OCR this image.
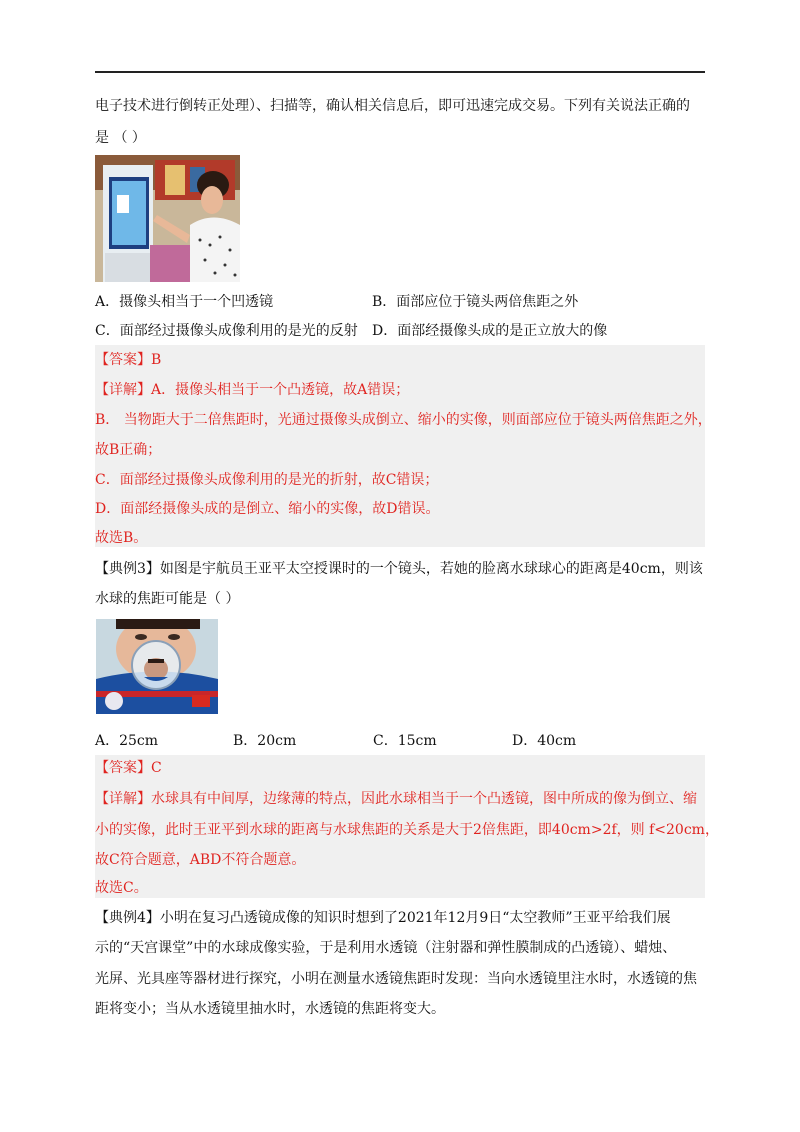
电子技术进行倒转正处理）、扫描等，确认相关信息后，即可迅速完成交易。下列有关说法正确的
是 （ ）
A．摄像头相当于一个凹透镜	B．面部应位于镜头两倍焦距之外
C．面部经过摄像头成像利用的是光的反射 D．面部经摄像头成的是正立放大的像
【答案】B
【详解】A．摄像头相当于一个凸透镜，故A错误；
B． 当物距大于二倍焦距时，光通过摄像头成倒立、缩小的实像，则面部应位于镜头两倍焦距之外，
故B正确；
C．面部经过摄像头成像利用的是光的折射，故C错误；
D．面部经摄像头成的是倒立、缩小的实像，故D错误。
故选B。
【典例3】如图是宇航员王亚平太空授课时的一个镜头，若她的脸离水球球心的距离是40cm，则该
水球的焦距可能是（ ）
A．25cm	B．20cm	C．15cm	D．40cm
【答案】C
【详解】水球具有中间厚，边缘薄的特点，因此水球相当于一个凸透镜，图中所成的像为倒立、缩
小的实像，此时王亚平到水球的距离与水球焦距的关系是大于2倍焦距，即40cm>2f，则 f<20cm，
故C符合题意，ABD不符合题意。
故选C。
【典例4】小明在复习凸透镜成像的知识时想到了2021年12月9日“太空教师”王亚平给我们展
示的“天宫课堂”中的水球成像实验，于是利用水透镜（注射器和弹性膜制成的凸透镜）、蜡烛、
光屏、光具座等器材进行探究，小明在测量水透镜焦距时发现：当向水透镜里注水时，水透镜的焦
距将变小；当从水透镜里抽水时，水透镜的焦距将变大。
